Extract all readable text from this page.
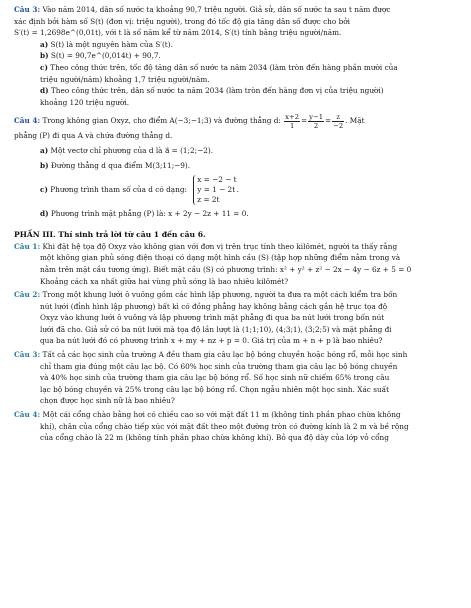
Câu 3: Vào năm 2014, dân số nước ta khoảng 90,7 triệu người. Giả sử, dân số nước ta sau t năm được

xác định bởi hàm số S(t) (đơn vị: triệu người), trong đó tốc độ gia tăng dân số được cho bởi

S′(t) = 1,2698e^(0,01t), với t là số năm kể từ năm 2014, S′(t) tính bằng triệu người/năm.

a) S(t) là một nguyên hàm của S′(t).

b) S(t) = 90,7e^(0,014t) + 90,7.

c) Theo công thức trên, tốc độ tăng dân số nước ta năm 2034 (làm tròn đến hàng phần mười của

triệu người/năm) khoảng 1,7 triệu người/năm.

d) Theo công thức trên, dân số nước ta năm 2034 (làm tròn đến hàng đơn vị của triệu người)

khoảng 120 triệu người.

Câu 4: Trong không gian Oxyz, cho điểm A(−3;−1;3) và đường thẳng d: $\frac{x+2}{1} = \frac{y-1}{2} = \frac{z}{-2}$ . Mặt

phẳng (P) đi qua A và chứa đường thẳng d.

a) Một vectơ chỉ phương của d là a⃗ = (1;2;−2).

b) Đường thẳng d qua điểm M(3;11;−9).

c) Phương trình tham số của d có dạng:
x = −2 − t
y = 1 − 2t
z = 2t
.

d) Phương trình mặt phẳng (P) là: x + 2y − 2z + 11 = 0.

PHẦN III. Thí sinh trả lời từ câu 1 đến câu 6.

Câu 1: Khi đặt hệ tọa độ Oxyz vào không gian với đơn vị trên trục tính theo kilômét, người ta thấy rằng

một không gian phủ sóng điện thoại có dạng một hình cầu (S) (tập hợp những điểm nằm trong và

nằm trên mặt cầu tương ứng). Biết mặt cầu (S) có phương trình: x² + y² + z² − 2x − 4y − 6z + 5 = 0

Khoảng cách xa nhất giữa hai vùng phủ sóng là bao nhiêu kilômét?

Câu 2: Trong một khung lưới ô vuông gồm các hình lập phương, người ta đưa ra một cách kiểm tra bốn

nút lưới (đỉnh hình lập phương) bất kì có đồng phẳng hay không bằng cách gắn hệ trục tọa độ

Oxyz vào khung lưới ô vuông và lập phương trình mặt phẳng đi qua ba nút lưới trong bốn nút

lưới đã cho. Giả sử có ba nút lưới mà tọa độ lần lượt là (1;1;10), (4;3;1), (3;2;5) và mặt phẳng đi

qua ba nút lưới đó có phương trình x + my + nz + p = 0. Giá trị của m + n + p là bao nhiêu?

Câu 3: Tất cả các học sinh của trường A đều tham gia câu lạc bộ bóng chuyền hoặc bóng rổ, mỗi học sinh

chỉ tham gia đúng một câu lạc bộ. Có 60% học sinh của trường tham gia câu lạc bộ bóng chuyền

và 40% học sinh của trường tham gia câu lạc bộ bóng rổ. Số học sinh nữ chiếm 65% trong câu

lạc bộ bóng chuyền và 25% trong câu lạc bộ bóng rổ. Chọn ngẫu nhiên một học sinh. Xác suất

chọn được học sinh nữ là bao nhiêu?

Câu 4: Một cái cổng chào bằng hơi có chiều cao so với mặt đất 11 m (không tính phần phao chừa không

khí), chân của cổng chào tiếp xúc với mặt đất theo một đường tròn có đường kính là 2 m và bề rộng

của cổng chào là 22 m (không tính phần phao chừa không khí). Bỏ qua độ dày của lớp vỏ cổng
